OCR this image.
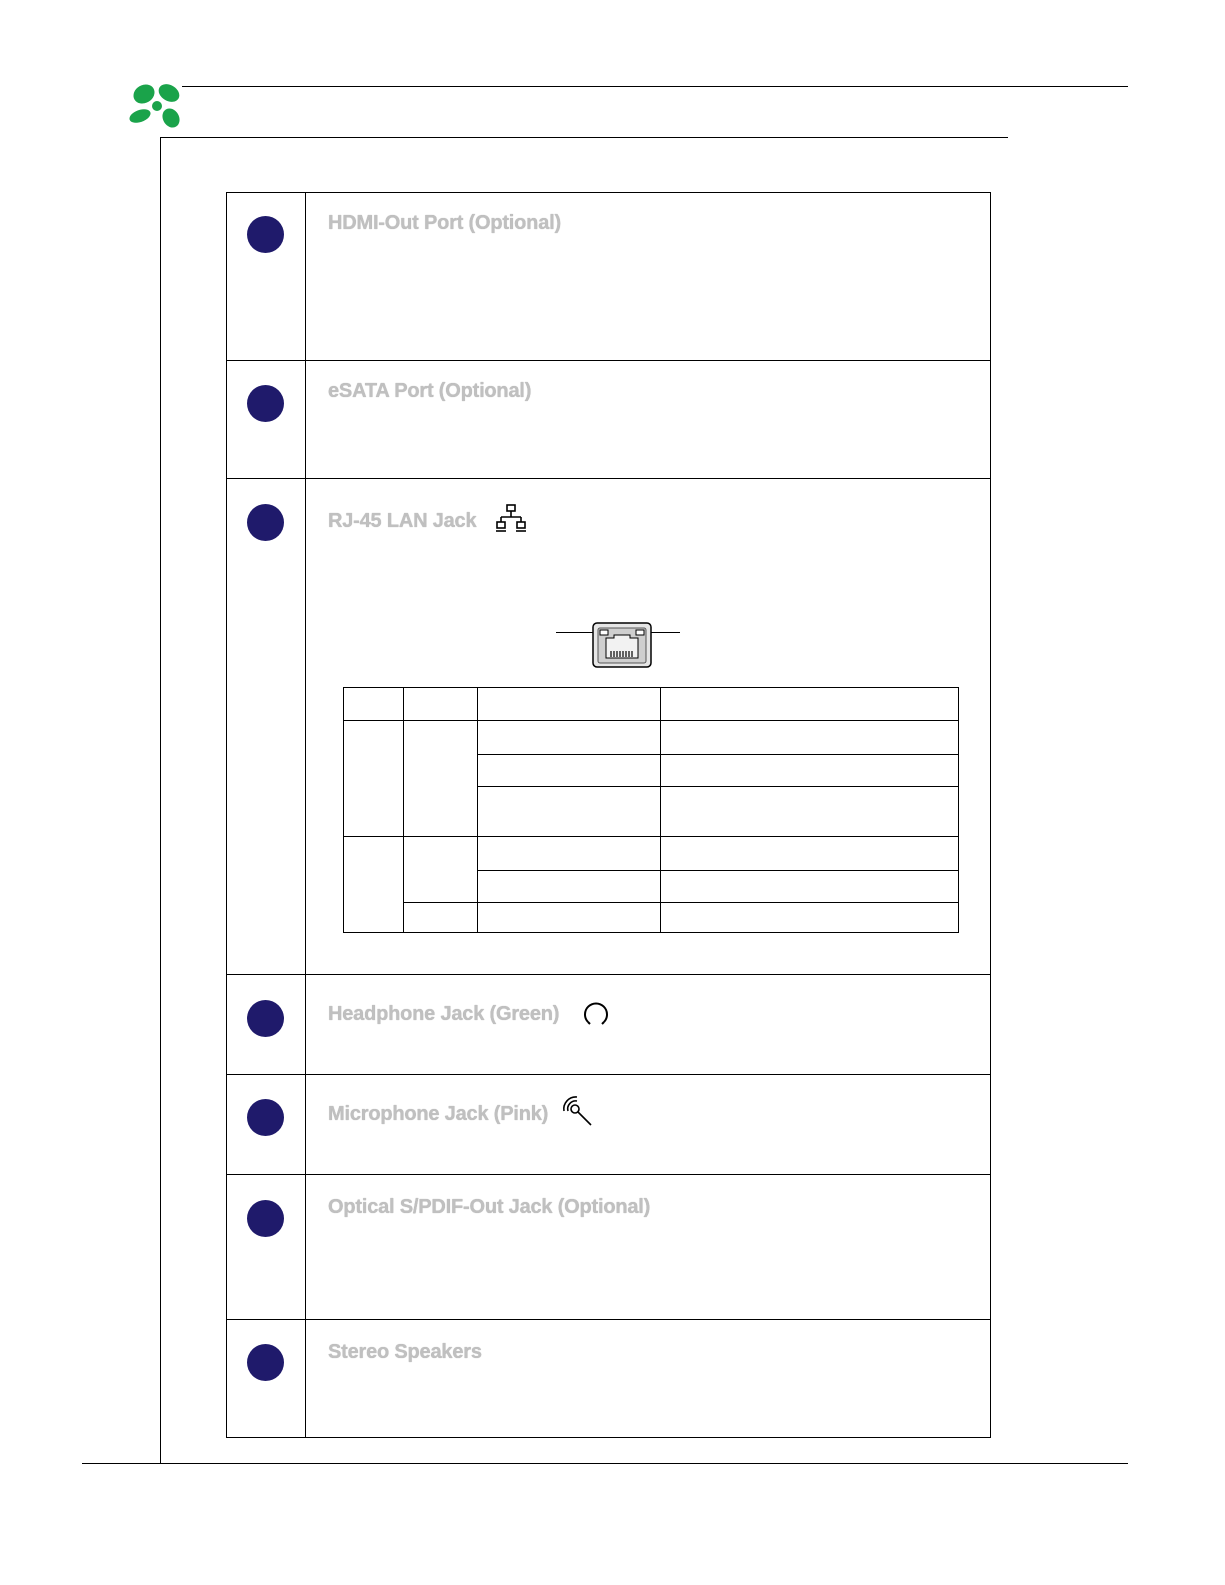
HDMI-Out Port (Optional)
eSATA Port (Optional)
RJ-45 LAN Jack
Headphone Jack (Green)
Microphone Jack (Pink)
Optical S/PDIF-Out Jack (Optional)
Stereo Speakers
